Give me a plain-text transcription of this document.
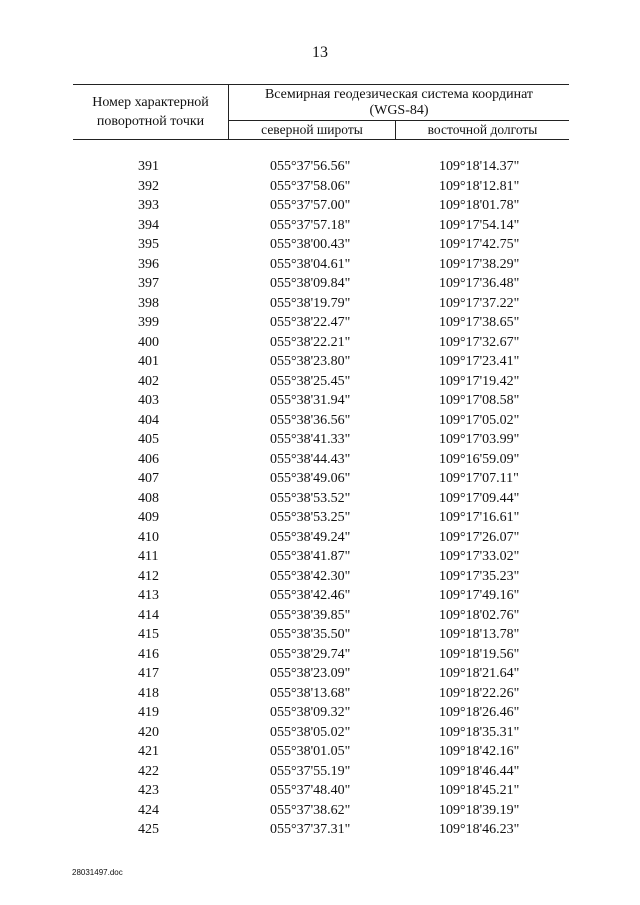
13
Номер характерной поворотной точки
Всемирная геодезическая система координат
(WGS-84)
северной широты	восточной долготы
391	055°37'56.56"	109°18'14.37"
392	055°37'58.06"	109°18'12.81"
393	055°37'57.00"	109°18'01.78"
394	055°37'57.18"	109°17'54.14"
395	055°38'00.43"	109°17'42.75"
396	055°38'04.61"	109°17'38.29"
397	055°38'09.84"	109°17'36.48"
398	055°38'19.79"	109°17'37.22"
399	055°38'22.47"	109°17'38.65"
400	055°38'22.21"	109°17'32.67"
401	055°38'23.80"	109°17'23.41"
402	055°38'25.45"	109°17'19.42"
403	055°38'31.94"	109°17'08.58"
404	055°38'36.56"	109°17'05.02"
405	055°38'41.33"	109°17'03.99"
406	055°38'44.43"	109°16'59.09"
407	055°38'49.06"	109°17'07.11"
408	055°38'53.52"	109°17'09.44"
409	055°38'53.25"	109°17'16.61"
410	055°38'49.24"	109°17'26.07"
411	055°38'41.87"	109°17'33.02"
412	055°38'42.30"	109°17'35.23"
413	055°38'42.46"	109°17'49.16"
414	055°38'39.85"	109°18'02.76"
415	055°38'35.50"	109°18'13.78"
416	055°38'29.74"	109°18'19.56"
417	055°38'23.09"	109°18'21.64"
418	055°38'13.68"	109°18'22.26"
419	055°38'09.32"	109°18'26.46"
420	055°38'05.02"	109°18'35.31"
421	055°38'01.05"	109°18'42.16"
422	055°37'55.19"	109°18'46.44"
423	055°37'48.40"	109°18'45.21"
424	055°37'38.62"	109°18'39.19"
425	055°37'37.31"	109°18'46.23"
28031497.doc
